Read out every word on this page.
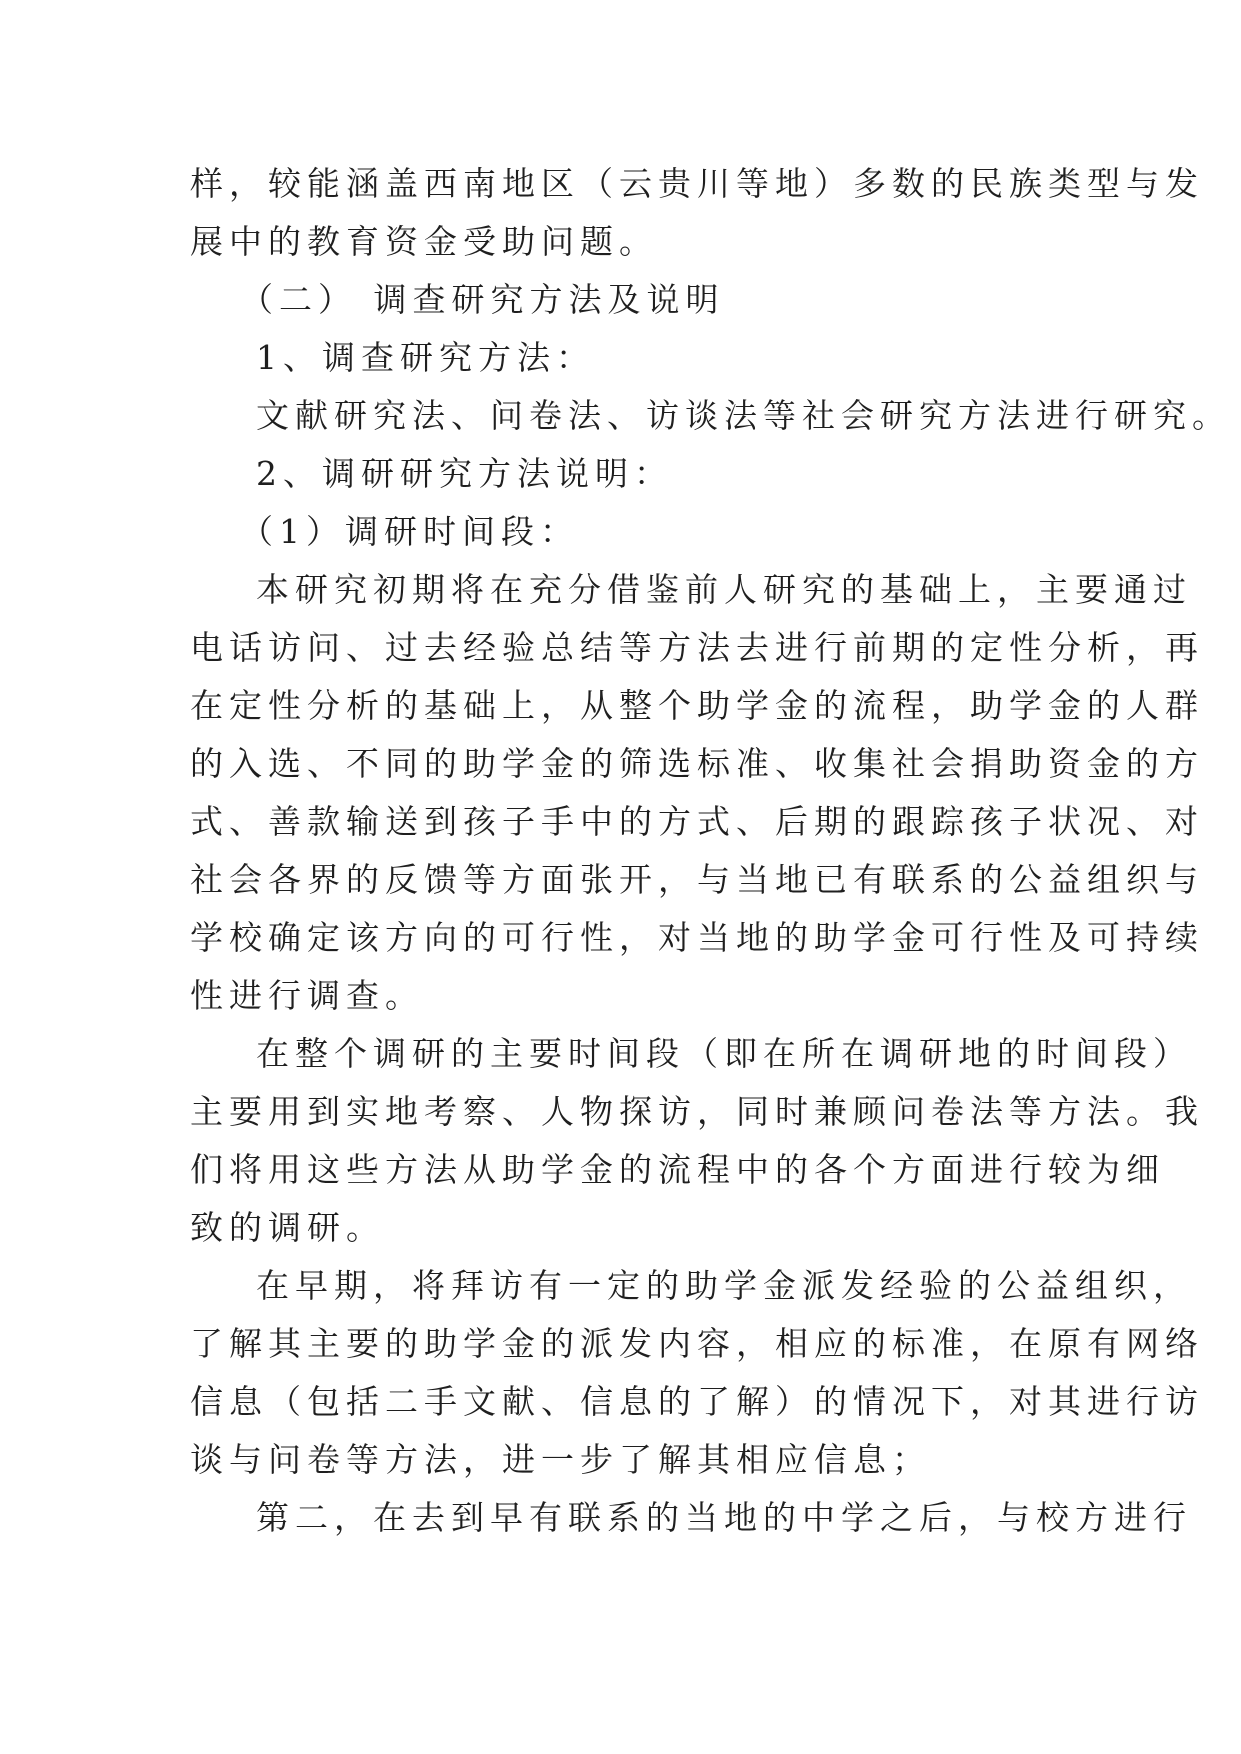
样，较能涵盖西南地区（云贵川等地）多数的民族类型与发
展中的教育资金受助问题。
（二） 调查研究方法及说明
1、调查研究方法：
文献研究法、问卷法、访谈法等社会研究方法进行研究。
2、调研研究方法说明：
（1）调研时间段：
本研究初期将在充分借鉴前人研究的基础上，主要通过
电话访问、过去经验总结等方法去进行前期的定性分析，再
在定性分析的基础上，从整个助学金的流程，助学金的人群
的入选、不同的助学金的筛选标准、收集社会捐助资金的方
式、善款输送到孩子手中的方式、后期的跟踪孩子状况、对
社会各界的反馈等方面张开，与当地已有联系的公益组织与
学校确定该方向的可行性，对当地的助学金可行性及可持续
性进行调查。
在整个调研的主要时间段（即在所在调研地的时间段）
主要用到实地考察、人物探访，同时兼顾问卷法等方法。我
们将用这些方法从助学金的流程中的各个方面进行较为细
致的调研。
在早期，将拜访有一定的助学金派发经验的公益组织，
了解其主要的助学金的派发内容，相应的标准，在原有网络
信息（包括二手文献、信息的了解）的情况下，对其进行访
谈与问卷等方法，进一步了解其相应信息；
第二，在去到早有联系的当地的中学之后，与校方进行
